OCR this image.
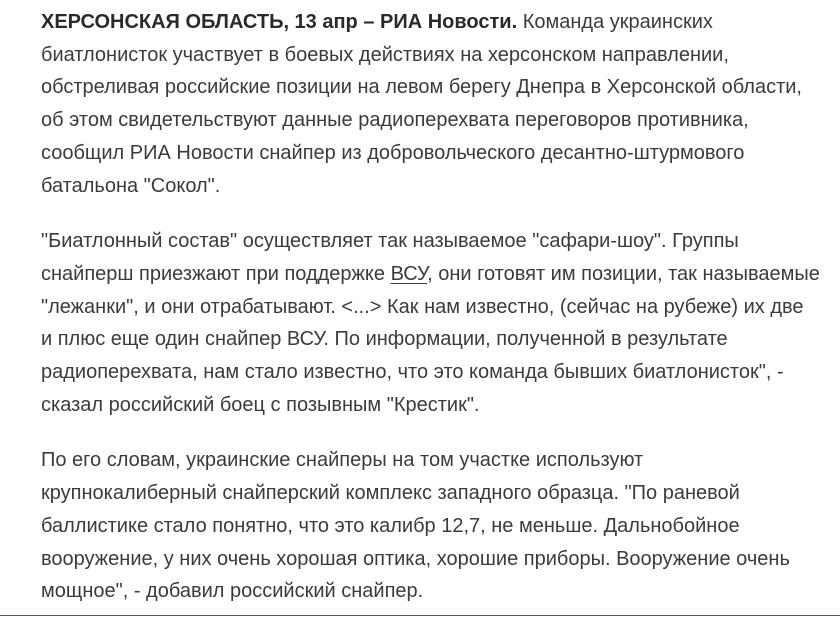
ХЕРСОНСКАЯ ОБЛАСТЬ, 13 апр – РИА Новости. Команда украинских биатлонисток участвует в боевых действиях на херсонском направлении, обстреливая российские позиции на левом берегу Днепра в Херсонской области, об этом свидетельствуют данные радиоперехвата переговоров противника, сообщил РИА Новости снайпер из добровольческого десантно-штурмового батальона "Сокол".

"Биатлонный состав" осуществляет так называемое "сафари-шоу". Группы снайперш приезжают при поддержке ВСУ, они готовят им позиции, так называемые "лежанки", и они отрабатывают. <...> Как нам известно, (сейчас на рубеже) их две и плюс еще один снайпер ВСУ. По информации, полученной в результате радиоперехвата, нам стало известно, что это команда бывших биатлонисток", - сказал российский боец с позывным "Крестик".

По его словам, украинские снайперы на том участке используют крупнокалиберный снайперский комплекс западного образца. "По раневой баллистике стало понятно, что это калибр 12,7, не меньше. Дальнобойное вооружение, у них очень хорошая оптика, хорошие приборы. Вооружение очень мощное", - добавил российский снайпер.
